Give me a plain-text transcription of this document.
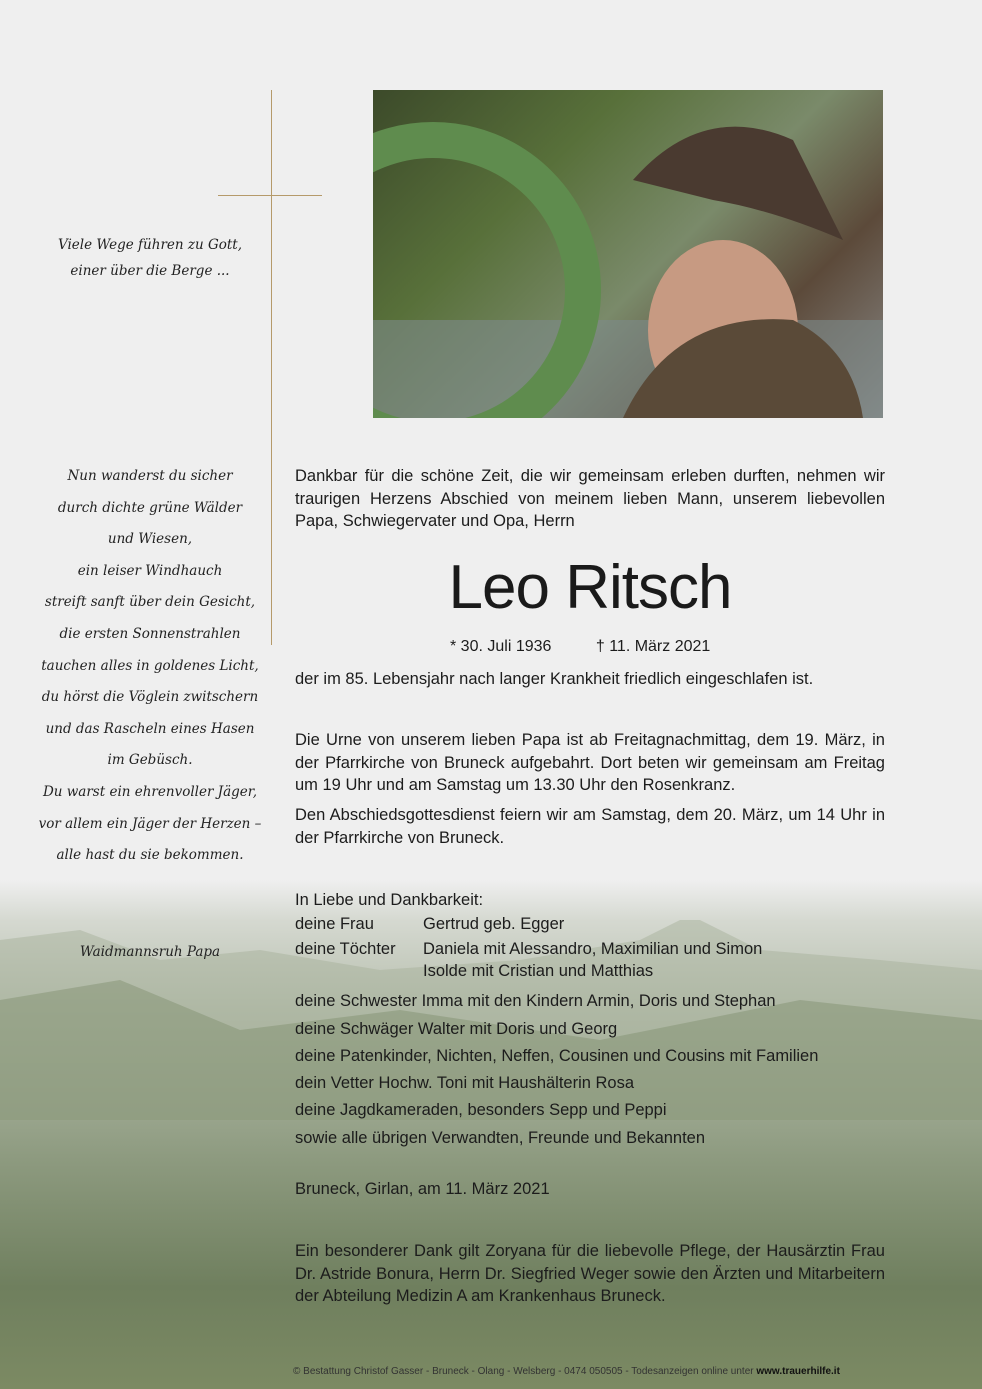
Viele Wege führen zu Gott,
einer über die Berge ...
Nun wanderst du sicher
durch dichte grüne Wälder
und Wiesen,
ein leiser Windhauch
streift sanft über dein Gesicht,
die ersten Sonnenstrahlen
tauchen alles in goldenes Licht,
du hörst die Vöglein zwitschern
und das Rascheln eines Hasen
im Gebüsch.
Du warst ein ehrenvoller Jäger,
vor allem ein Jäger der Herzen –
alle hast du sie bekommen.
Waidmannsruh Papa
Dankbar für die schöne Zeit, die wir gemeinsam erleben durften, nehmen wir traurigen Herzens Abschied von meinem lieben Mann, unserem liebevollen Papa, Schwiegervater und Opa, Herrn
Leo Ritsch
* 30. Juli 1936	† 11. März 2021
der im 85. Lebensjahr nach langer Krankheit friedlich eingeschlafen ist.
Die Urne von unserem lieben Papa ist ab Freitagnachmittag, dem 19. März, in der Pfarrkirche von Bruneck aufgebahrt. Dort beten wir gemeinsam am Freitag um 19 Uhr und am Samstag um 13.30 Uhr den Rosenkranz.
Den Abschiedsgottesdienst feiern wir am Samstag, dem 20. März, um 14 Uhr in der Pfarrkirche von Bruneck.
In Liebe und Dankbarkeit:
deine Frau	Gertrud geb. Egger
deine Töchter	Daniela mit Alessandro, Maximilian und Simon
Isolde mit Cristian und Matthias
deine Schwester Imma mit den Kindern Armin, Doris und Stephan
deine Schwäger Walter mit Doris und Georg
deine Patenkinder, Nichten, Neffen, Cousinen und Cousins mit Familien
dein Vetter Hochw. Toni mit Haushälterin Rosa
deine Jagdkameraden, besonders Sepp und Peppi
sowie alle übrigen Verwandten, Freunde und Bekannten
Bruneck, Girlan, am 11. März 2021
Ein besonderer Dank gilt Zoryana für die liebevolle Pflege, der Hausärztin Frau Dr. Astride Bonura, Herrn Dr. Siegfried Weger sowie den Ärzten und Mitarbeitern der Abteilung Medizin A am Krankenhaus Bruneck.
© Bestattung Christof Gasser - Bruneck - Olang - Welsberg - 0474 050505 - Todesanzeigen online unter www.trauerhilfe.it
